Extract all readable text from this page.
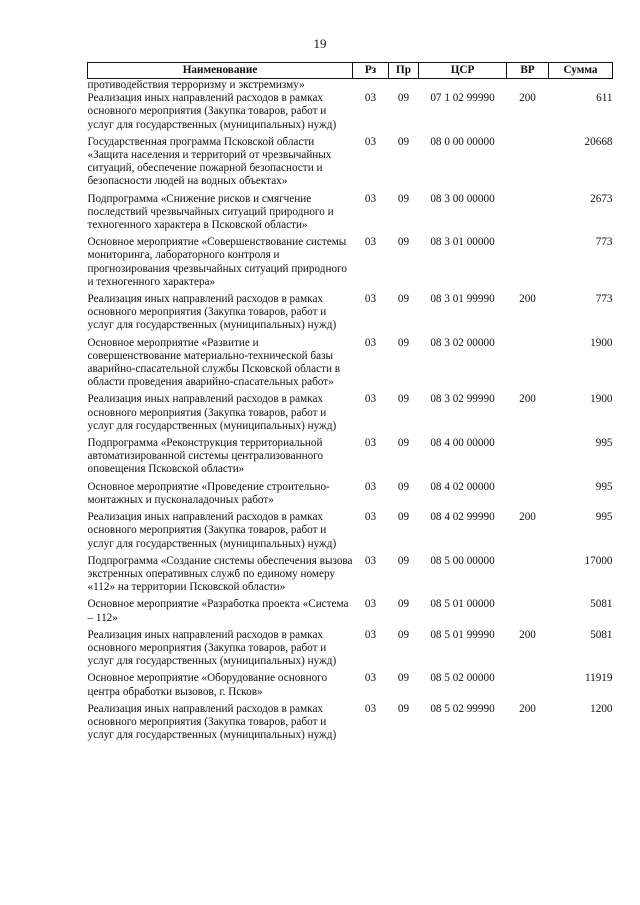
19
Наименование	Рз	Пр	ЦСР	ВР	Сумма
противодействия терроризму и экстремизму»					
Реализация иных направлений расходов в рамках основного мероприятия (Закупка товаров, работ и услуг для государственных (муниципальных) нужд)	03	09	07 1 02 99990	200	611
Государственная программа Псковской области «Защита населения и территорий от чрезвычайных ситуаций, обеспечение пожарной безопасности и безопасности людей на водных объектах»	03	09	08 0 00 00000		20668
Подпрограмма «Снижение рисков и смягчение последствий чрезвычайных ситуаций природного и техногенного характера в Псковской области»	03	09	08 3 00 00000		2673
Основное мероприятие «Совершенствование системы мониторинга, лабораторного контроля и прогнозирования чрезвычайных ситуаций природного и техногенного характера»	03	09	08 3 01 00000		773
Реализация иных направлений расходов в рамках основного мероприятия (Закупка товаров, работ и услуг для государственных (муниципальных) нужд)	03	09	08 3 01 99990	200	773
Основное мероприятие «Развитие и совершенствование материально-технической базы аварийно-спасательной службы Псковской области в области проведения аварийно-спасательных работ»	03	09	08 3 02 00000		1900
Реализация иных направлений расходов в рамках основного мероприятия (Закупка товаров, работ и услуг для государственных (муниципальных) нужд)	03	09	08 3 02 99990	200	1900
Подпрограмма «Реконструкция территориальной автоматизированной системы централизованного оповещения Псковской области»	03	09	08 4 00 00000		995
Основное мероприятие «Проведение строительно-монтажных и пусконаладочных работ»	03	09	08 4 02 00000		995
Реализация иных направлений расходов в рамках основного мероприятия (Закупка товаров, работ и услуг для государственных (муниципальных) нужд)	03	09	08 4 02 99990	200	995
Подпрограмма «Создание системы обеспечения вызова экстренных оперативных служб по единому номеру «112» на территории Псковской области»	03	09	08 5 00 00000		17000
Основное мероприятие «Разработка проекта «Система – 112»	03	09	08 5 01 00000		5081
Реализация иных направлений расходов в рамках основного мероприятия (Закупка товаров, работ и услуг для государственных (муниципальных) нужд)	03	09	08 5 01 99990	200	5081
Основное мероприятие «Оборудование основного центра обработки вызовов, г. Псков»	03	09	08 5 02 00000		11919
Реализация иных направлений расходов в рамках основного мероприятия (Закупка товаров, работ и услуг для государственных (муниципальных) нужд)	03	09	08 5 02 99990	200	1200
